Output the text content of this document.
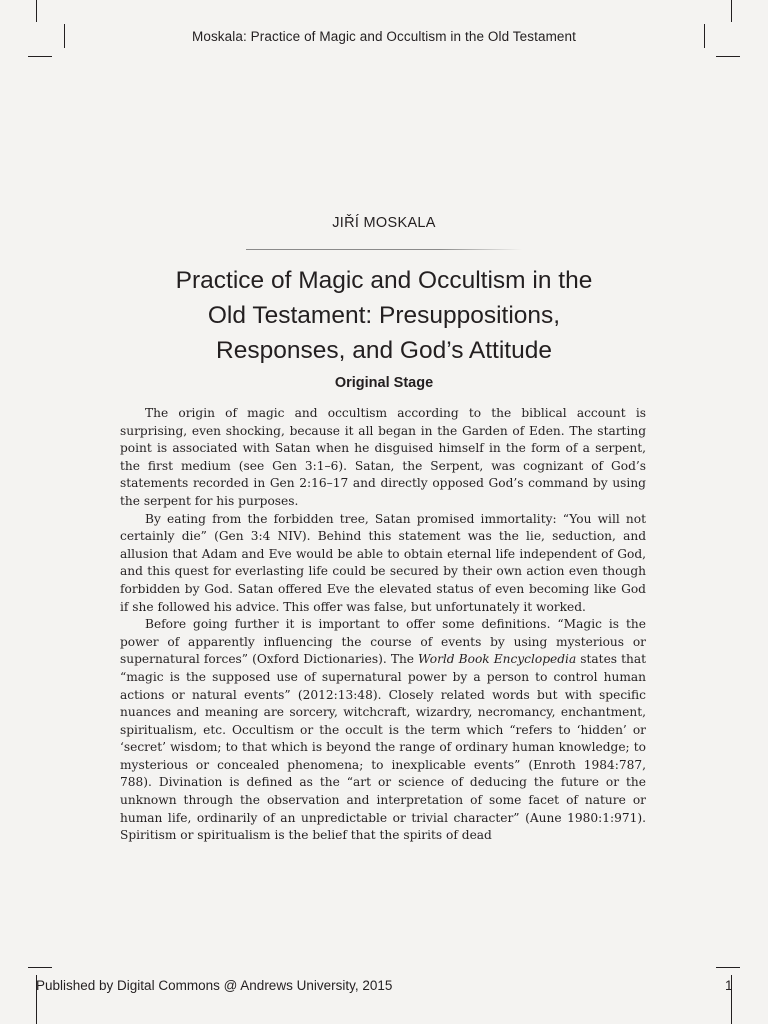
Moskala: Practice of Magic and Occultism in the Old Testament
JIŘÍ MOSKALA
Practice of Magic and Occultism in the
Old Testament: Presuppositions,
Responses, and God’s Attitude
Original Stage

The origin of magic and occultism according to the biblical account is surprising, even shocking, because it all began in the Garden of Eden. The starting point is associated with Satan when he disguised himself in the form of a serpent, the first medium (see Gen 3:1–6). Satan, the Serpent, was cognizant of God’s statements recorded in Gen 2:16–17 and directly opposed God’s command by using the serpent for his purposes.

By eating from the forbidden tree, Satan promised immortality: “You will not certainly die” (Gen 3:4 NIV). Behind this statement was the lie, seduction, and allusion that Adam and Eve would be able to obtain eternal life independent of God, and this quest for everlasting life could be secured by their own action even though forbidden by God. Satan offered Eve the elevated status of even becoming like God if she followed his advice. This offer was false, but unfortunately it worked.

Before going further it is important to offer some definitions. “Magic is the power of apparently influencing the course of events by using mysterious or supernatural forces” (Oxford Dictionaries). The World Book Encyclopedia states that “magic is the supposed use of supernatural power by a person to control human actions or natural events” (2012:13:48). Closely related words but with specific nuances and meaning are sorcery, witchcraft, wizardry, necromancy, enchantment, spiritualism, etc. Occultism or the occult is the term which “refers to ‘hidden’ or ‘secret’ wisdom; to that which is beyond the range of ordinary human knowledge; to mysterious or concealed phenomena; to inexplicable events” (Enroth 1984:787, 788). Divination is defined as the “art or science of deducing the future or the unknown through the observation and interpretation of some facet of nature or human life, ordinarily of an unpredictable or trivial character” (Aune 1980:1:971). Spiritism or spiritualism is the belief that the spirits of dead

Published by Digital Commons @ Andrews University, 2015	1
